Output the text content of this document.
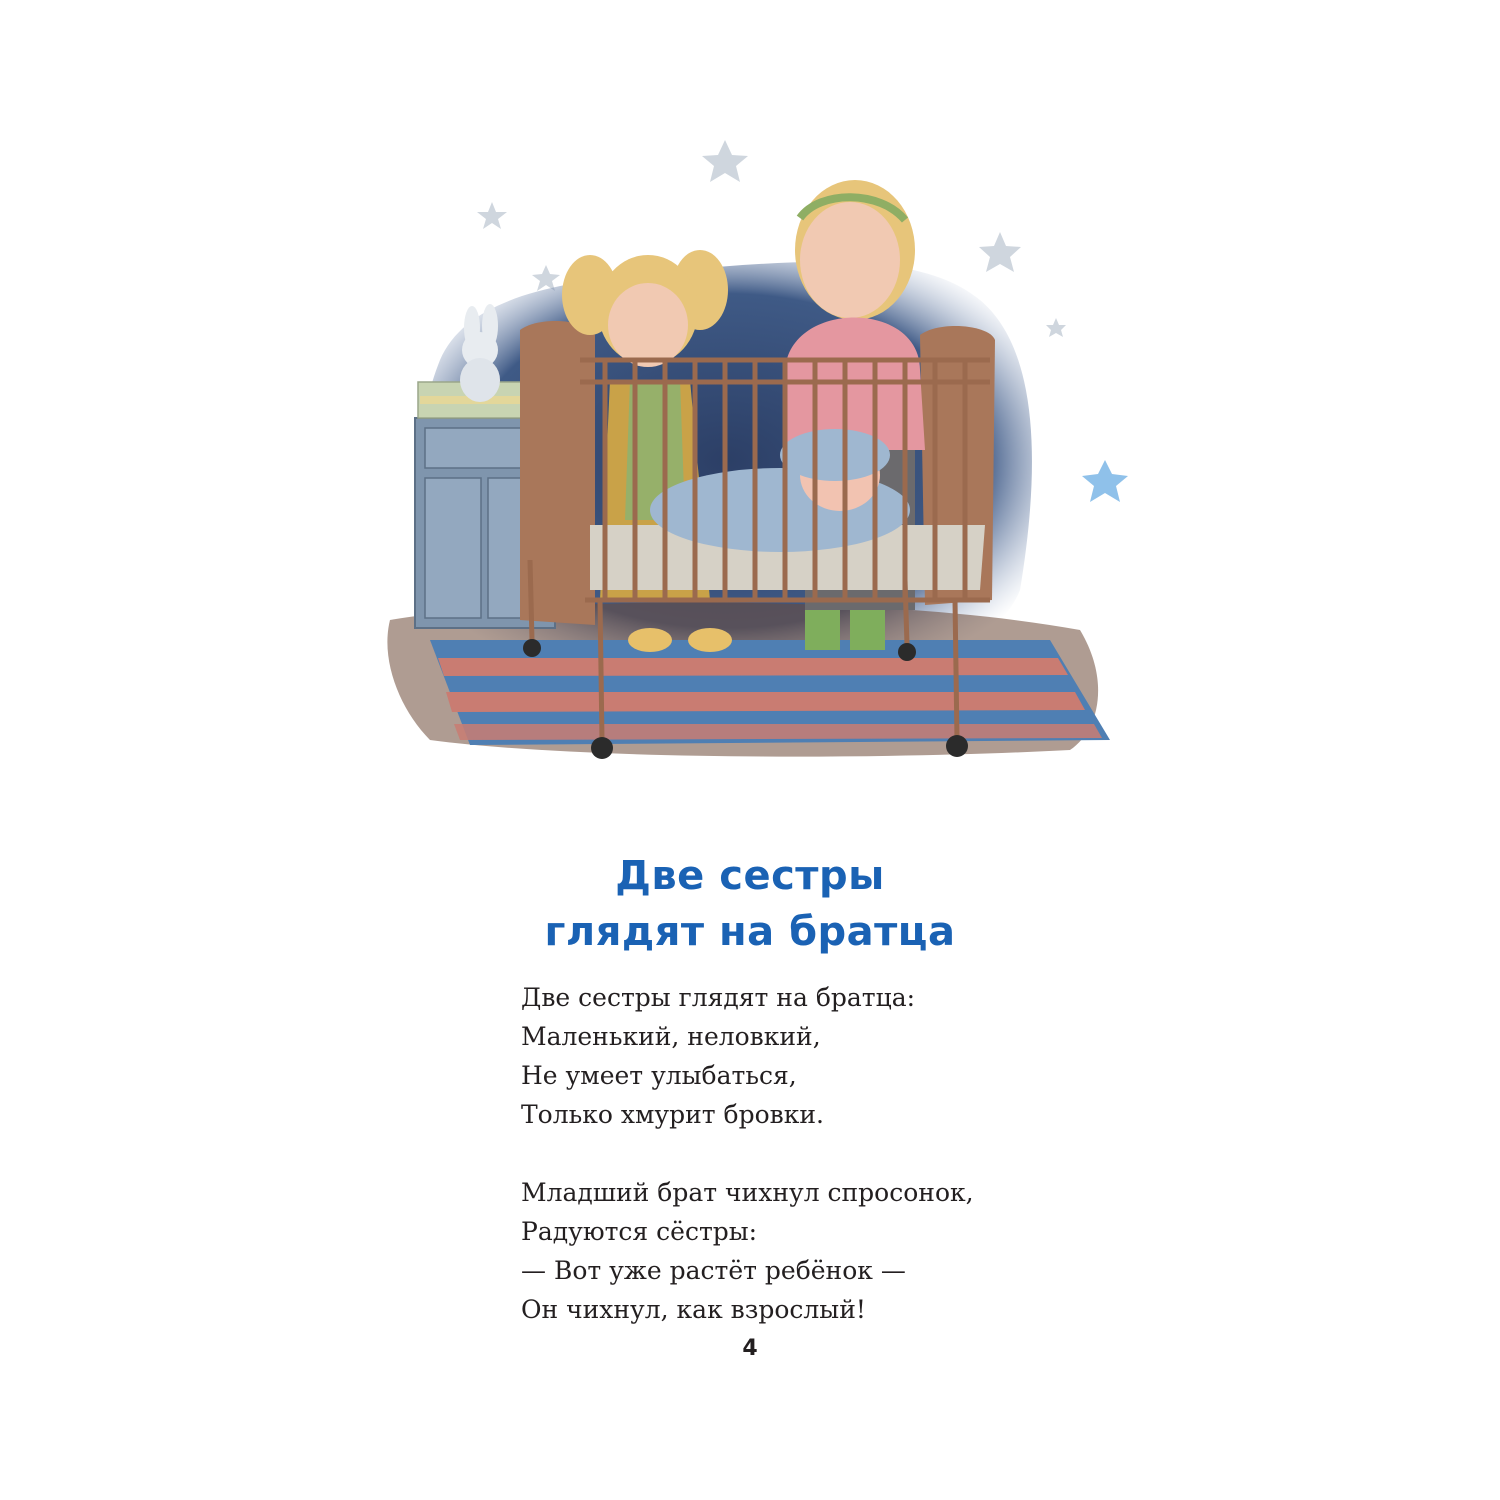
Две сестры
глядят на братца
Две сестры глядят на братца:
Маленький, неловкий,
Не умеет улыбаться,
Только хмурит бровки.
Младший брат чихнул спросонок,
Радуются сёстры:
— Вот уже растёт ребёнок —
Он чихнул, как взрослый!
4
